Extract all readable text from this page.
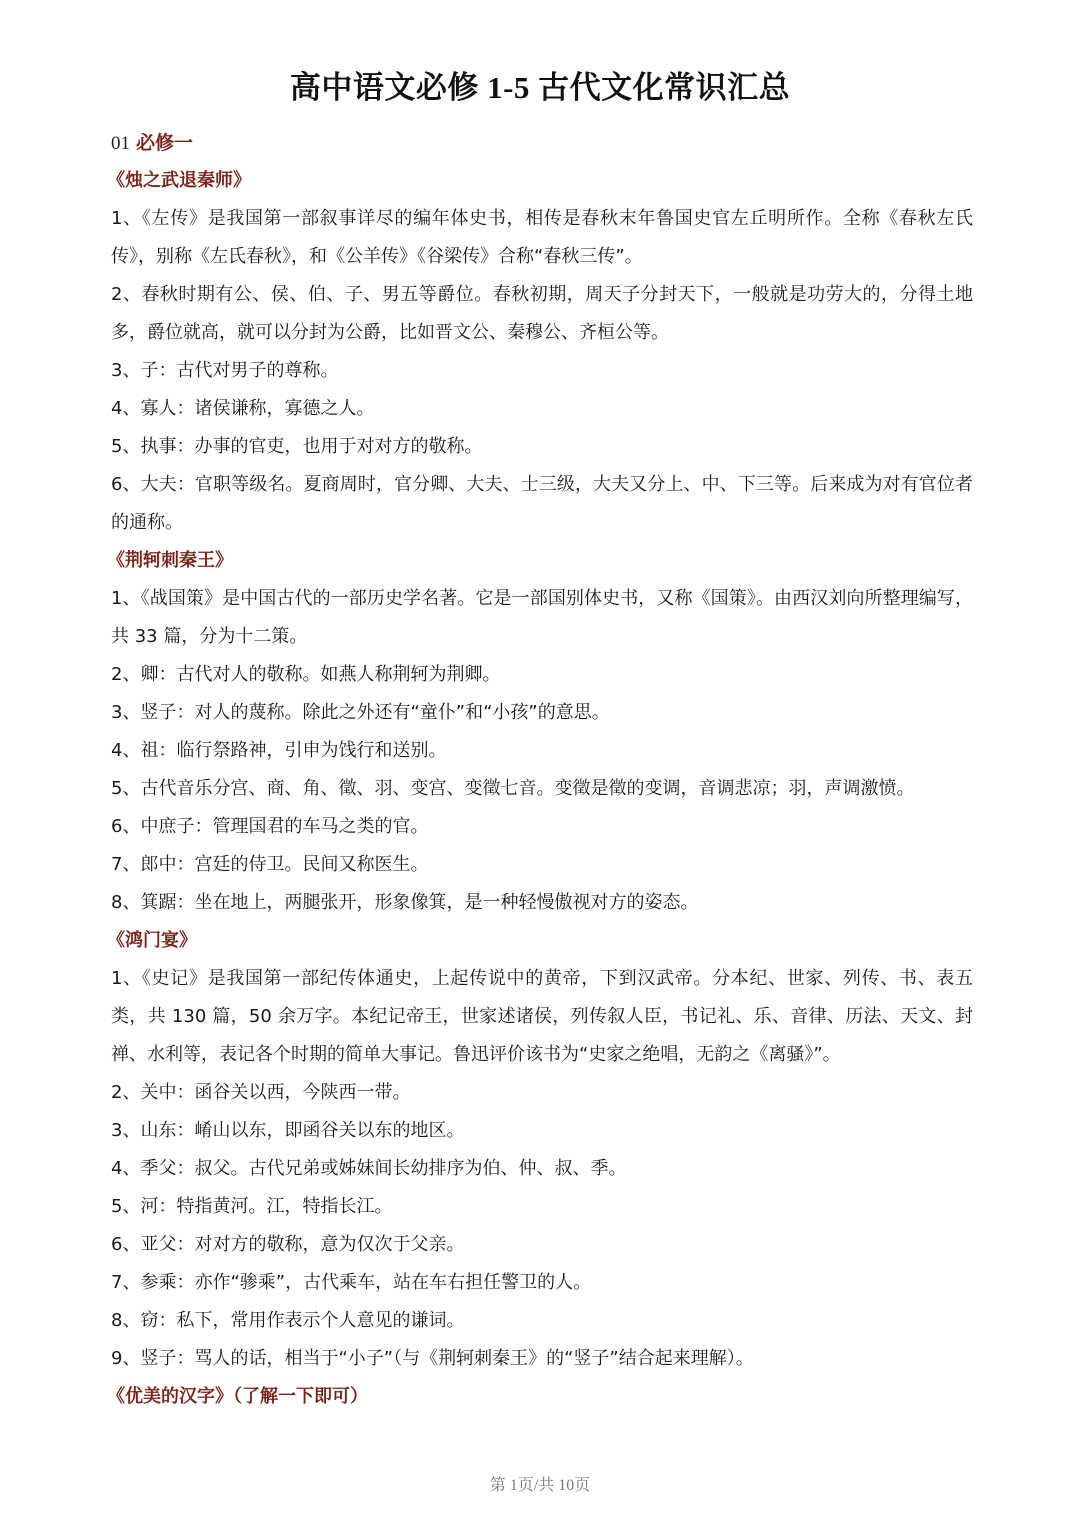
高中语文必修 1-5 古代文化常识汇总
01 必修一
《烛之武退秦师》
1、《左传》是我国第一部叙事详尽的编年体史书，相传是春秋末年鲁国史官左丘明所作。全称《春秋左氏传》，别称《左氏春秋》，和《公羊传》《谷梁传》合称“春秋三传”。
2、春秋时期有公、侯、伯、子、男五等爵位。春秋初期，周天子分封天下，一般就是功劳大的，分得土地多，爵位就高，就可以分封为公爵，比如晋文公、秦穆公、齐桓公等。
3、子：古代对男子的尊称。
4、寡人：诸侯谦称，寡德之人。
5、执事：办事的官吏，也用于对对方的敬称。
6、大夫：官职等级名。夏商周时，官分卿、大夫、士三级，大夫又分上、中、下三等。后来成为对有官位者的通称。
《荆轲刺秦王》
1、《战国策》是中国古代的一部历史学名著。它是一部国别体史书，又称《国策》。由西汉刘向所整理编写，共 33 篇，分为十二策。
2、卿：古代对人的敬称。如燕人称荆轲为荆卿。
3、竖子：对人的蔑称。除此之外还有“童仆”和“小孩”的意思。
4、祖：临行祭路神，引申为饯行和送别。
5、古代音乐分宫、商、角、徵、羽、变宫、变徵七音。变徵是徵的变调，音调悲凉；羽，声调激愤。
6、中庶子：管理国君的车马之类的官。
7、郎中：宫廷的侍卫。民间又称医生。
8、箕踞：坐在地上，两腿张开，形象像箕，是一种轻慢傲视对方的姿态。
《鸿门宴》
1、《史记》是我国第一部纪传体通史，上起传说中的黄帝，下到汉武帝。分本纪、世家、列传、书、表五类，共 130 篇，50 余万字。本纪记帝王，世家述诸侯，列传叙人臣，书记礼、乐、音律、历法、天文、封禅、水利等，表记各个时期的简单大事记。鲁迅评价该书为“史家之绝唱，无韵之《离骚》”。
2、关中：函谷关以西，今陕西一带。
3、山东：崤山以东，即函谷关以东的地区。
4、季父：叔父。古代兄弟或姊妹间长幼排序为伯、仲、叔、季。
5、河：特指黄河。江，特指长江。
6、亚父：对对方的敬称，意为仅次于父亲。
7、参乘：亦作“骖乘”，古代乘车，站在车右担任警卫的人。
8、窃：私下，常用作表示个人意见的谦词。
9、竖子：骂人的话，相当于“小子”（与《荆轲刺秦王》的“竖子”结合起来理解）。
《优美的汉字》（了解一下即可）
第 1页/共 10页
